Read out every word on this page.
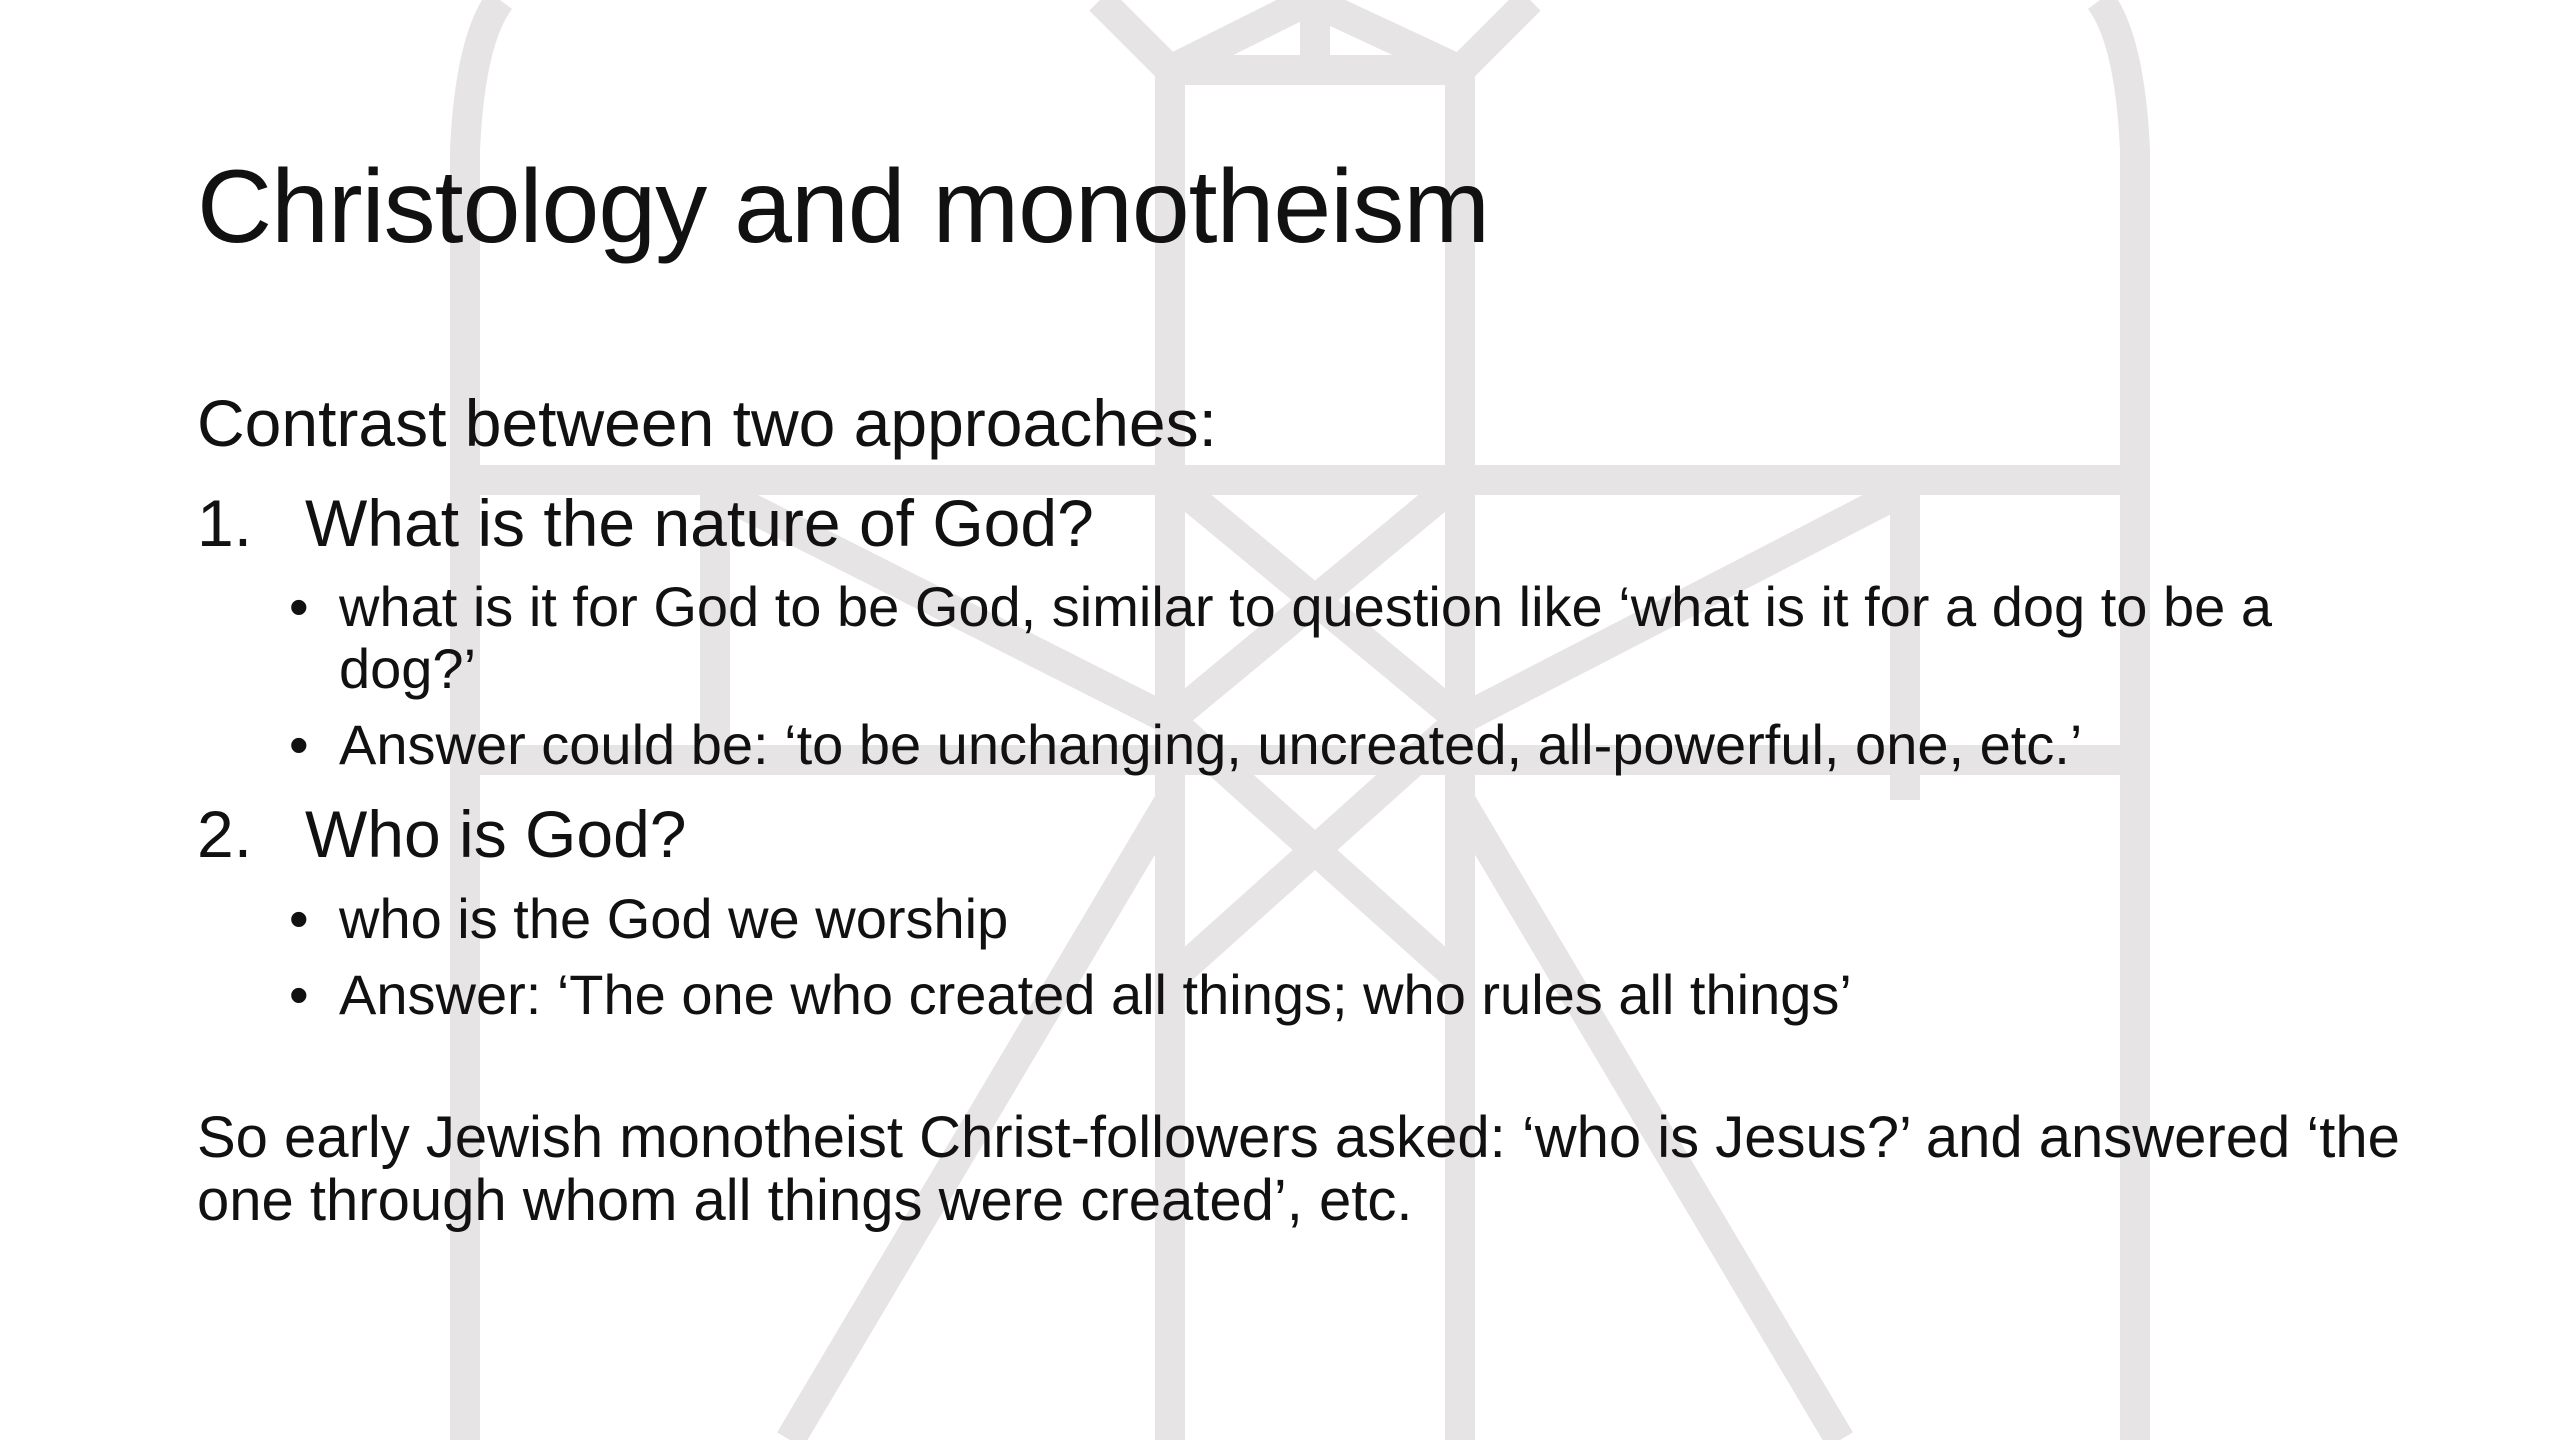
Christology and monotheism
Contrast between two approaches:
1. What is the nature of God?
• what is it for God to be God, similar to question like ‘what is it for a dog to be a dog?’
• Answer could be: ‘to be unchanging, uncreated, all-powerful, one, etc.’
2. Who is God?
• who is the God we worship
• Answer: ‘The one who created all things; who rules all things’
So early Jewish monotheist Christ-followers asked: ‘who is Jesus?’ and answered ‘the one through whom all things were created’, etc.
